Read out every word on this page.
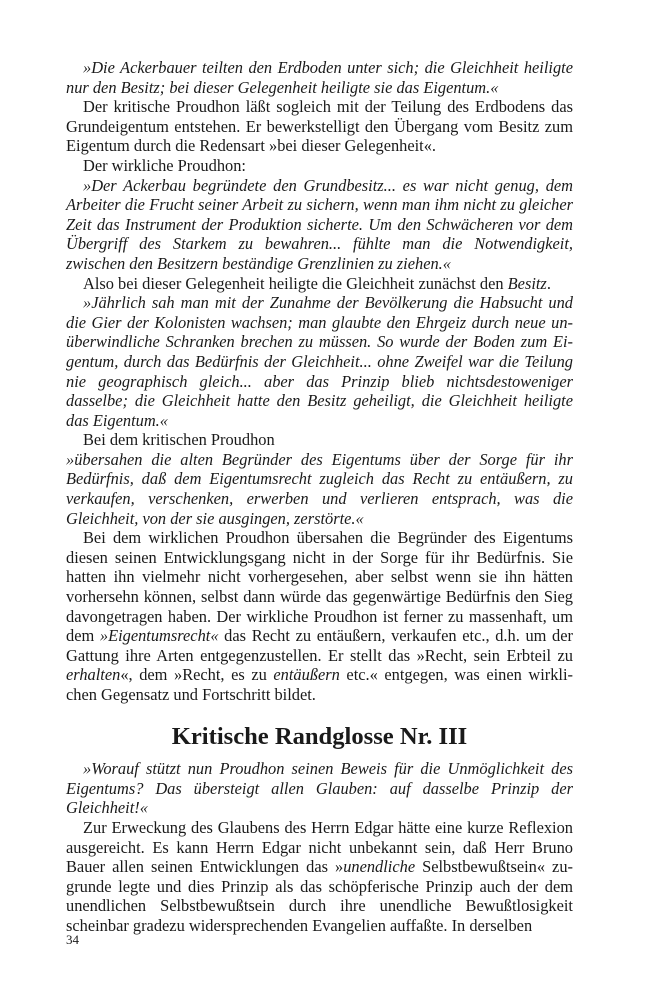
»Die Ackerbauer teilten den Erdboden unter sich; die Gleichheit heiligte nur den Besitz; bei dieser Gelegenheit heiligte sie das Eigentum.«

Der kritische Proudhon läßt sogleich mit der Teilung des Erdbodens das Grundeigentum entstehen. Er bewerkstelligt den Übergang vom Besitz zum Eigentum durch die Redensart »bei dieser Gelegenheit«.

Der wirkliche Proudhon:

»Der Ackerbau begründete den Grundbesitz... es war nicht genug, dem Arbeiter die Frucht seiner Arbeit zu sichern, wenn man ihm nicht zu gleicher Zeit das Instrument der Produktion sicherte. Um den Schwächeren vor dem Übergriff des Starkem zu bewahren... fühlte man die Notwendigkeit, zwischen den Besitzern beständige Grenzlinien zu ziehen.«

Also bei dieser Gelegenheit heiligte die Gleichheit zunächst den Besitz.

»Jährlich sah man mit der Zunahme der Bevölkerung die Habsucht und die Gier der Kolonisten wachsen; man glaubte den Ehrgeiz durch neue unüberwindliche Schranken brechen zu müssen. So wurde der Boden zum Eigentum, durch das Bedürfnis der Gleichheit... ohne Zweifel war die Teilung nie geographisch gleich... aber das Prinzip blieb nichtsdestoweniger dasselbe; die Gleichheit hatte den Besitz geheiligt, die Gleichheit heiligte das Eigentum.«

Bei dem kritischen Proudhon

»übersahen die alten Begründer des Eigentums über der Sorge für ihr Bedürfnis, daß dem Eigentumsrecht zugleich das Recht zu entäußern, zu verkaufen, verschenken, erwerben und verlieren entsprach, was die Gleichheit, von der sie ausgingen, zerstörte.«

Bei dem wirklichen Proudhon übersahen die Begründer des Eigentums diesen seinen Entwicklungsgang nicht in der Sorge für ihr Bedürfnis. Sie hatten ihn vielmehr nicht vorhergesehen, aber selbst wenn sie ihn hätten vorhersehn können, selbst dann würde das gegenwärtige Bedürfnis den Sieg davongetragen haben. Der wirkliche Proudhon ist ferner zu massenhaft, um dem »Eigentumsrecht« das Recht zu entäußern, verkaufen etc., d.h. um der Gattung ihre Arten entgegenzustellen. Er stellt das »Recht, sein Erbteil zu erhalten«, dem »Recht, es zu entäußern etc.« entgegen, was einen wirklichen Gegensatz und Fortschritt bildet.

Kritische Randglosse Nr. III

»Worauf stützt nun Proudhon seinen Beweis für die Unmöglichkeit des Eigentums? Das übersteigt allen Glauben: auf dasselbe Prinzip der Gleichheit!«

Zur Erweckung des Glaubens des Herrn Edgar hätte eine kurze Reflexion ausgereicht. Es kann Herrn Edgar nicht unbekannt sein, daß Herr Bruno Bauer allen seinen Entwicklungen das »unendliche Selbstbewußtsein« zugrunde legte und dies Prinzip als das schöpferische Prinzip auch der dem unendlichen Selbstbewußtsein durch ihre unendliche Bewußtlosigkeit scheinbar gradezu widersprechenden Evangelien auffaßte. In derselben

34
